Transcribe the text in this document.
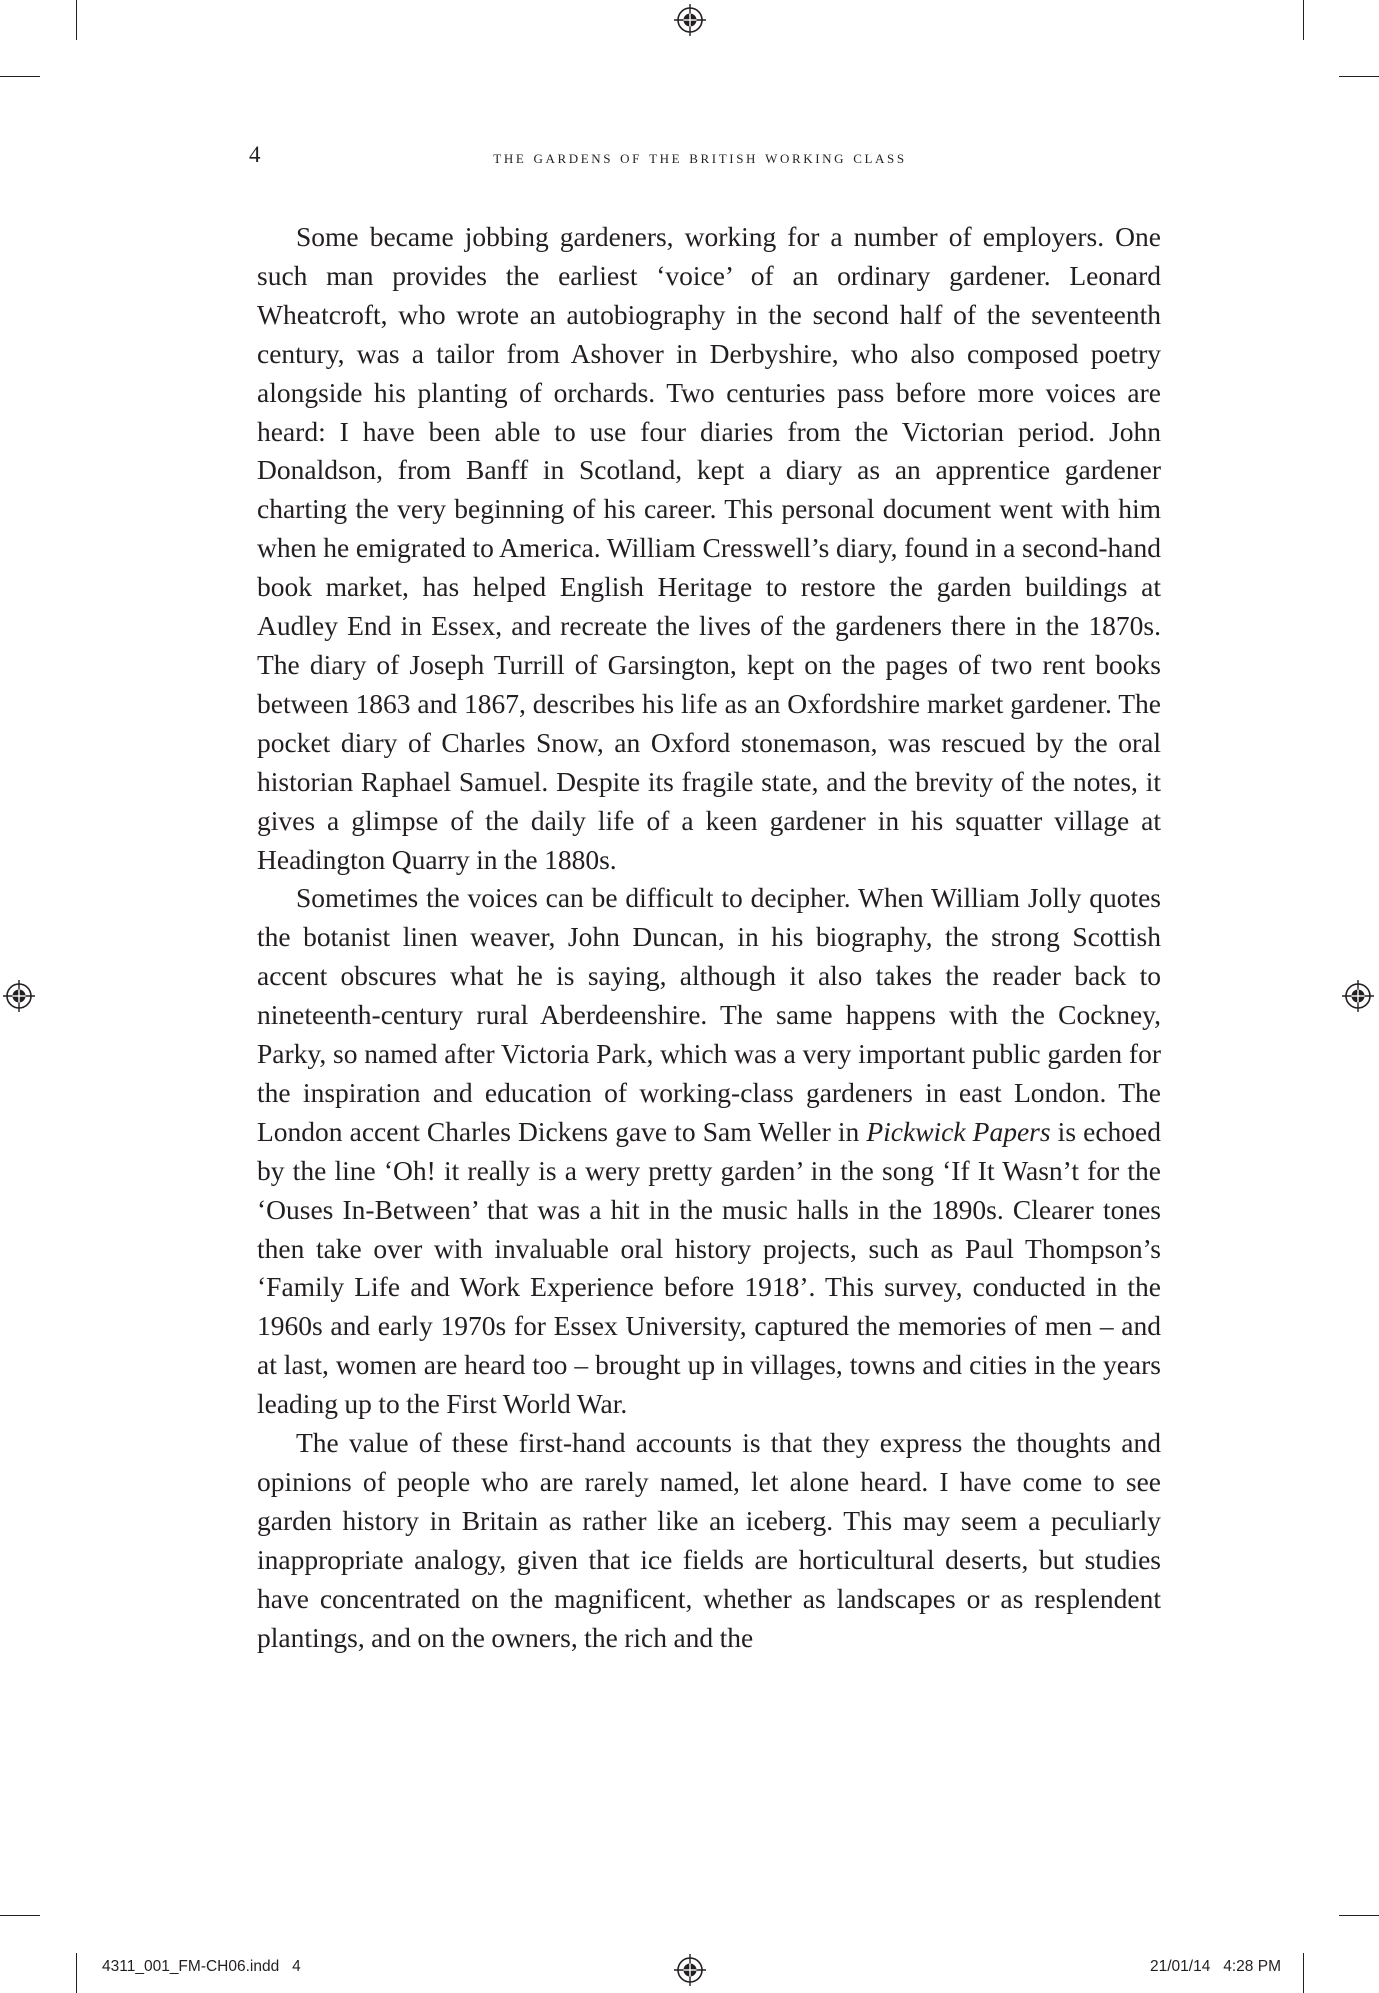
4	the gardens of the british working class

Some became jobbing gardeners, working for a number of employers. One such man provides the earliest ‘voice’ of an ordinary gardener. Leonard Wheatcroft, who wrote an autobiography in the second half of the seventeenth century, was a tailor from Ashover in Derbyshire, who also composed poetry alongside his planting of orchards. Two centuries pass before more voices are heard: I have been able to use four diaries from the Victorian period. John Donaldson, from Banff in Scotland, kept a diary as an apprentice gardener charting the very beginning of his career. This personal document went with him when he emigrated to America. William Cresswell’s diary, found in a second-hand book market, has helped English Heritage to restore the garden buildings at Audley End in Essex, and recreate the lives of the gardeners there in the 1870s. The diary of Joseph Turrill of Garsington, kept on the pages of two rent books between 1863 and 1867, describes his life as an Oxfordshire market gardener. The pocket diary of Charles Snow, an Oxford stonemason, was rescued by the oral historian Raphael Samuel. Despite its fragile state, and the brevity of the notes, it gives a glimpse of the daily life of a keen gardener in his squatter village at Headington Quarry in the 1880s.

Sometimes the voices can be difficult to decipher. When William Jolly quotes the botanist linen weaver, John Duncan, in his biography, the strong Scottish accent obscures what he is saying, although it also takes the reader back to nineteenth-century rural Aberdeenshire. The same happens with the Cockney, Parky, so named after Victoria Park, which was a very important public garden for the inspiration and education of working-class gardeners in east London. The London accent Charles Dickens gave to Sam Weller in Pickwick Papers is echoed by the line ‘Oh! it really is a wery pretty garden’ in the song ‘If It Wasn’t for the ‘Ouses In-Between’ that was a hit in the music halls in the 1890s. Clearer tones then take over with invaluable oral history projects, such as Paul Thompson’s ‘Family Life and Work Experience before 1918’. This survey, conducted in the 1960s and early 1970s for Essex University, captured the memories of men – and at last, women are heard too – brought up in villages, towns and cities in the years leading up to the First World War.

The value of these first-hand accounts is that they express the thoughts and opinions of people who are rarely named, let alone heard. I have come to see garden history in Britain as rather like an iceberg. This may seem a peculiarly inappropriate analogy, given that ice fields are horticultural deserts, but studies have concentrated on the magnificent, whether as landscapes or as resplendent plantings, and on the owners, the rich and the

4311_001_FM-CH06.indd   4	21/01/14   4:28 PM
